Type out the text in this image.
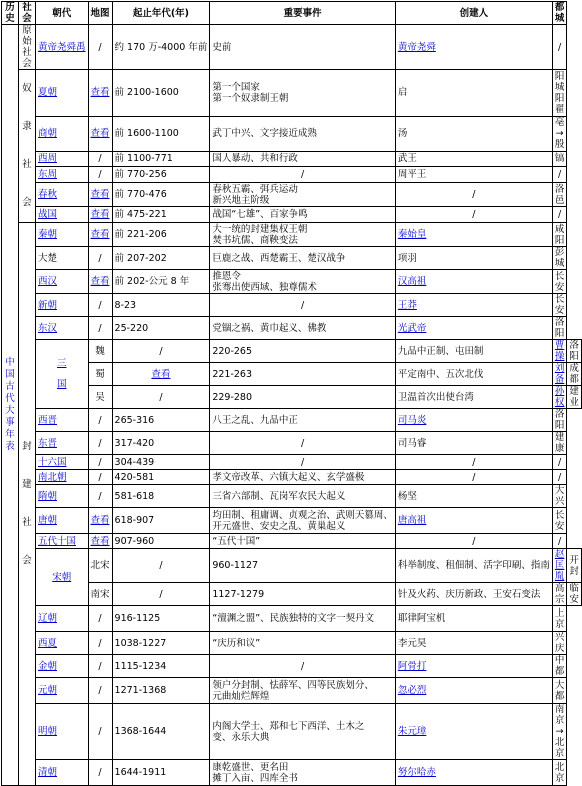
历史	社会	朝代	地图	起止年代(年)	重要事件	创建人	都城	

中国古代大事年表	原始社会	黄帝尧舜禹	/	约 170 万-4000 年前	史前	黄帝尧舜	/	

	奴隶社会	夏朝	查看	前 2100-1600	第一个国家
第一个奴隶制王朝	启	阳城阳翟	
		商朝	查看	前 1600-1100	武丁中兴、文字接近成熟	汤	亳→殷	
		西周	/	前 1100-771	国人暴动、共和行政	武王	镐	
		东周	/	前 770-256	/	周平王	/	
		春秋	查看	前 770-476	春秋五霸、弭兵运动
新兴地主阶级	/	洛邑	
		战国	查看	前 475-221	战国“七雄”、百家争鸣	/	/	

	封建社会	秦朝	查看	前 221-206	大一统的封建集权王朝
焚书坑儒、商鞅变法	秦始皇	咸阳	
		大楚	/	前 207-202	巨鹿之战、西楚霸王、楚汉战争	项羽	彭城	
		西汉	查看	前 202-公元 8 年	推恩令
张骞出使西域、独尊儒术	汉高祖	长安	
		新朝	/	8-23	/	王莽	长安	
		东汉	/	25-220	党锢之祸、黄巾起义、佛教	光武帝	洛阳	

		三
国	魏	/	220-265	九品中正制、屯田制	曹操	洛阳
			蜀	查看	221-263	平定南中、五次北伐	刘备	成都
			吴	/	229-280	卫温首次出使台湾	孙权	建业
		西晋	/	265-316	八王之乱、九品中正	司马炎	洛阳	
		东晋	/	317-420	/	司马睿	建康	
		十六国	/	304-439	/	/	/	
		南北朝	/	420-581	孝文帝改革、六镇大起义、玄学盛极	/	/	
		隋朝	/	581-618	三省六部制、瓦岗军农民大起义	杨坚	大兴	
		唐朝	查看	618-907	均田制、租庸调、贞观之治、武则天篡周、
开元盛世、安史之乱、黄巢起义	唐高祖	长安	
		五代十国	查看	907-960	“五代十国”	/	/	
		宋朝	北宋	/	960-1127	科举制度、租佃制、活字印刷、指南	赵匡胤	开封
			南宋	/	1127-1279	针及火药、庆历新政、王安石变法	高宗	临安
		辽朝	/	916-1125	“澶渊之盟”、民族独特的文字一契丹文	耶律阿宝机	上京	
		西夏	/	1038-1227	“庆历和议”	李元昊	兴庆	
		金朝	/	1115-1234	/	阿骨打	中都	
		元朝	/	1271-1368	领户分封制、怯薛军、四等民族划分、
元曲灿烂辉煌	忽必烈	大都	
		明朝	/	1368-1644	内阁大学士、郑和七下西洋、土木之
变、永乐大典	朱元璋	南京→北京	
		清朝	/	1644-1911	康乾盛世、更名田
摊丁入亩、四库全书	努尔哈赤	北京	
